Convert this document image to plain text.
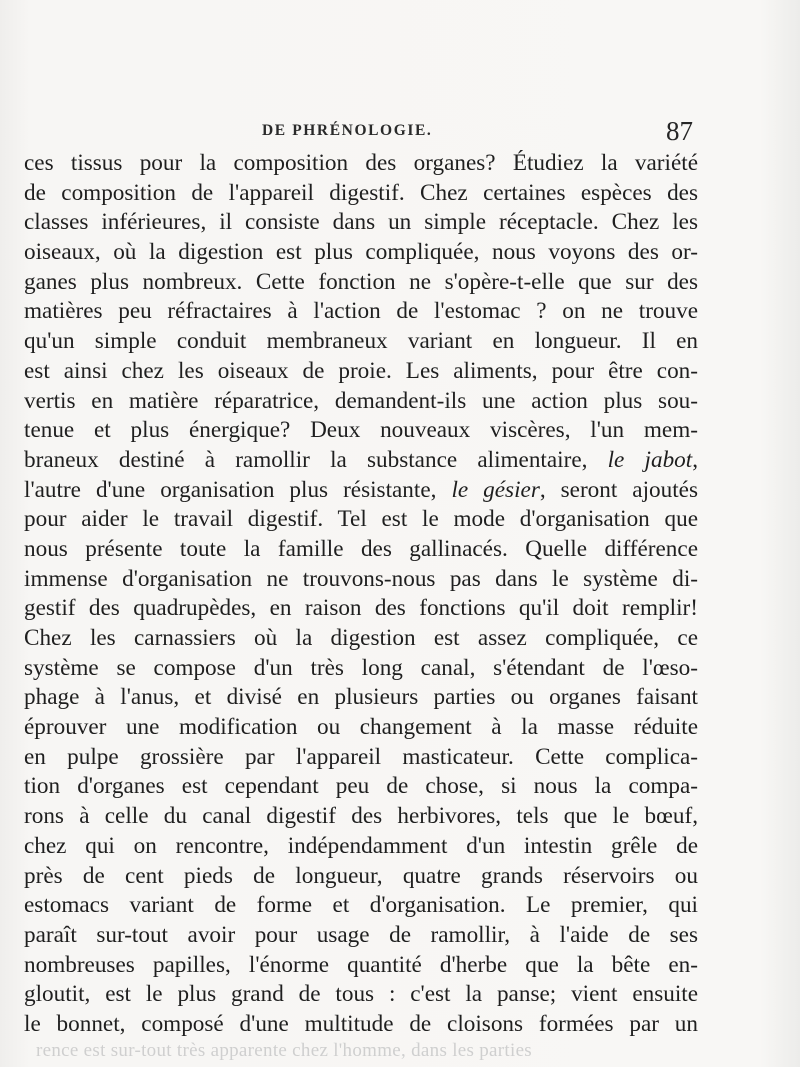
DE PHRÉNOLOGIE.	87
ces tissus pour la composition des organes? Étudiez la variété
de composition de l'appareil digestif. Chez certaines espèces des
classes inférieures, il consiste dans un simple réceptacle. Chez les
oiseaux, où la digestion est plus compliquée, nous voyons des or-
ganes plus nombreux. Cette fonction ne s'opère-t-elle que sur des
matières peu réfractaires à l'action de l'estomac ? on ne trouve
qu'un simple conduit membraneux variant en longueur. Il en
est ainsi chez les oiseaux de proie. Les aliments, pour être con-
vertis en matière réparatrice, demandent-ils une action plus sou-
tenue et plus énergique? Deux nouveaux viscères, l'un mem-
braneux destiné à ramollir la substance alimentaire, le jabot,
l'autre d'une organisation plus résistante, le gésier, seront ajoutés
pour aider le travail digestif. Tel est le mode d'organisation que
nous présente toute la famille des gallinacés. Quelle différence
immense d'organisation ne trouvons-nous pas dans le système di-
gestif des quadrupèdes, en raison des fonctions qu'il doit remplir!
Chez les carnassiers où la digestion est assez compliquée, ce
système se compose d'un très long canal, s'étendant de l'œso-
phage à l'anus, et divisé en plusieurs parties ou organes faisant
éprouver une modification ou changement à la masse réduite
en pulpe grossière par l'appareil masticateur. Cette complica-
tion d'organes est cependant peu de chose, si nous la compa-
rons à celle du canal digestif des herbivores, tels que le bœuf,
chez qui on rencontre, indépendamment d'un intestin grêle de
près de cent pieds de longueur, quatre grands réservoirs ou
estomacs variant de forme et d'organisation. Le premier, qui
paraît sur-tout avoir pour usage de ramollir, à l'aide de ses
nombreuses papilles, l'énorme quantité d'herbe que la bête en-
gloutit, est le plus grand de tous : c'est la panse; vient ensuite
le bonnet, composé d'une multitude de cloisons formées par un
rence est sur-tout très apparente chez l'homme, dans les parties
